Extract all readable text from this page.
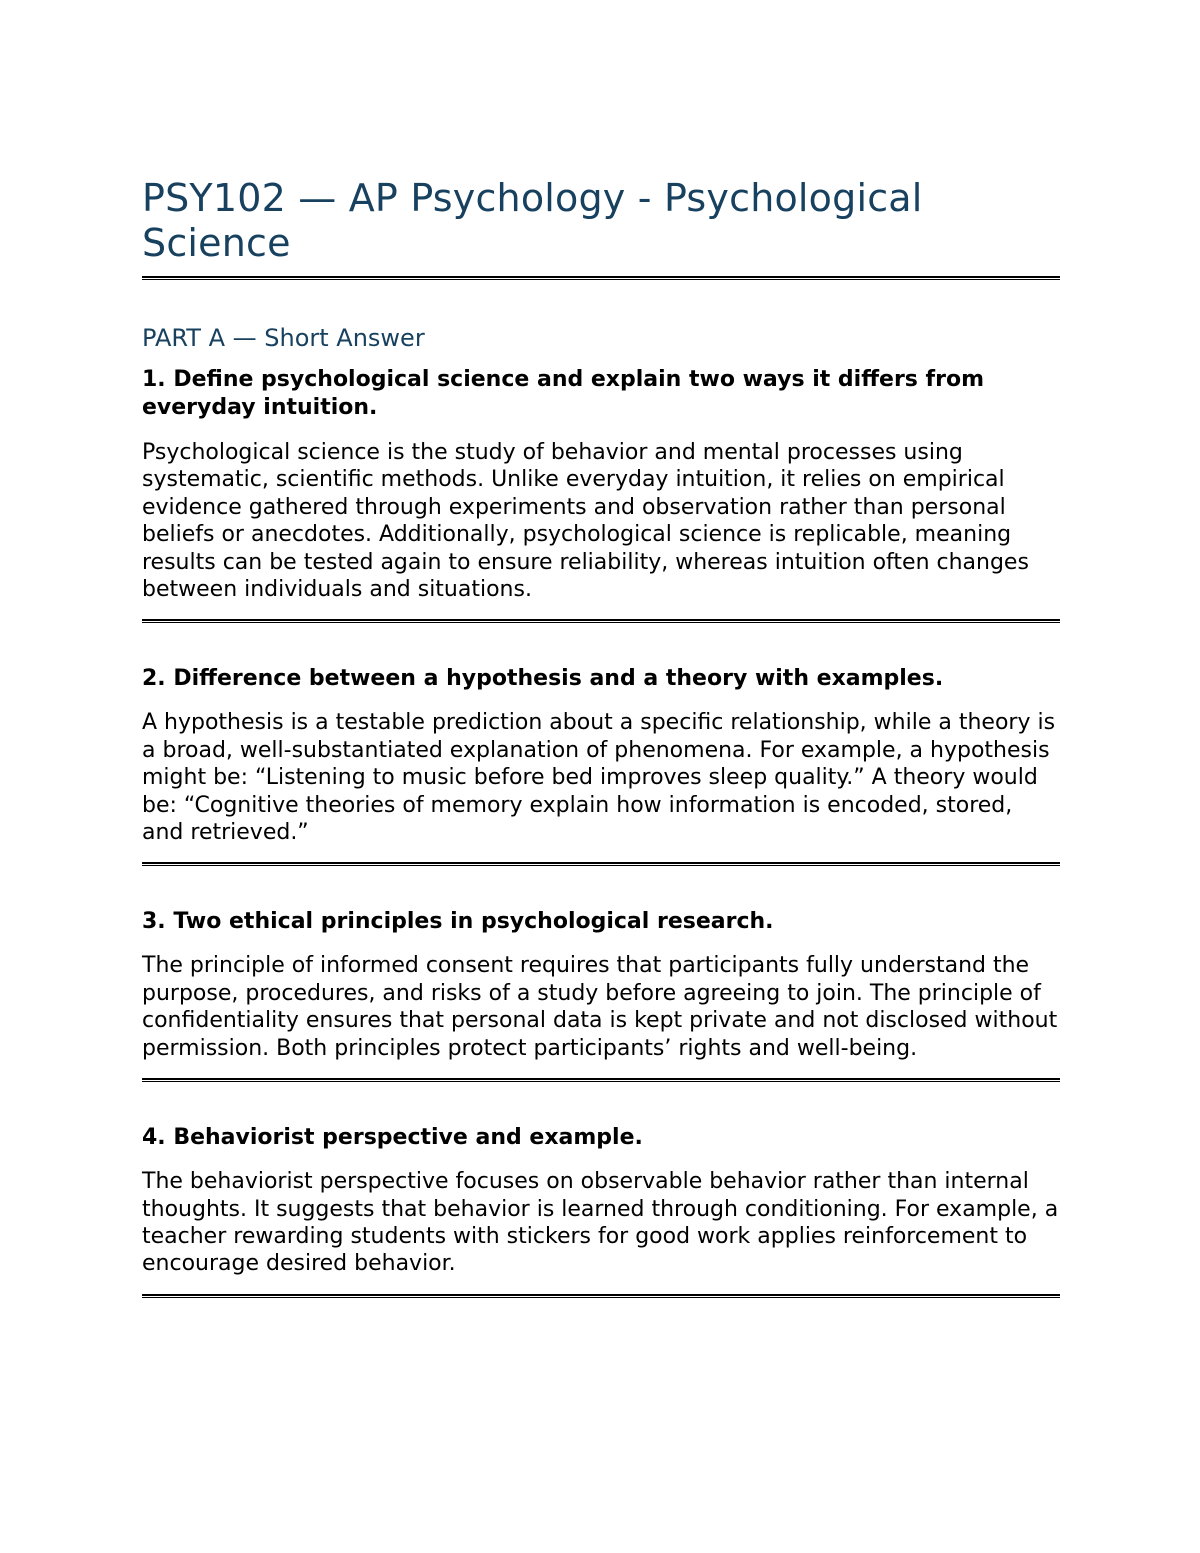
PSY102 — AP Psychology - Psychological Science
PART A — Short Answer

1. Define psychological science and explain two ways it differs from everyday intuition.

Psychological science is the study of behavior and mental processes using systematic, scientific methods. Unlike everyday intuition, it relies on empirical evidence gathered through experiments and observation rather than personal beliefs or anecdotes. Additionally, psychological science is replicable, meaning results can be tested again to ensure reliability, whereas intuition often changes between individuals and situations.

2. Difference between a hypothesis and a theory with examples.

A hypothesis is a testable prediction about a specific relationship, while a theory is a broad, well-substantiated explanation of phenomena. For example, a hypothesis might be: “Listening to music before bed improves sleep quality.” A theory would be: “Cognitive theories of memory explain how information is encoded, stored, and retrieved.”

3. Two ethical principles in psychological research.

The principle of informed consent requires that participants fully understand the purpose, procedures, and risks of a study before agreeing to join. The principle of confidentiality ensures that personal data is kept private and not disclosed without permission. Both principles protect participants’ rights and well-being.

4. Behaviorist perspective and example.

The behaviorist perspective focuses on observable behavior rather than internal thoughts. It suggests that behavior is learned through conditioning. For example, a teacher rewarding students with stickers for good work applies reinforcement to encourage desired behavior.
